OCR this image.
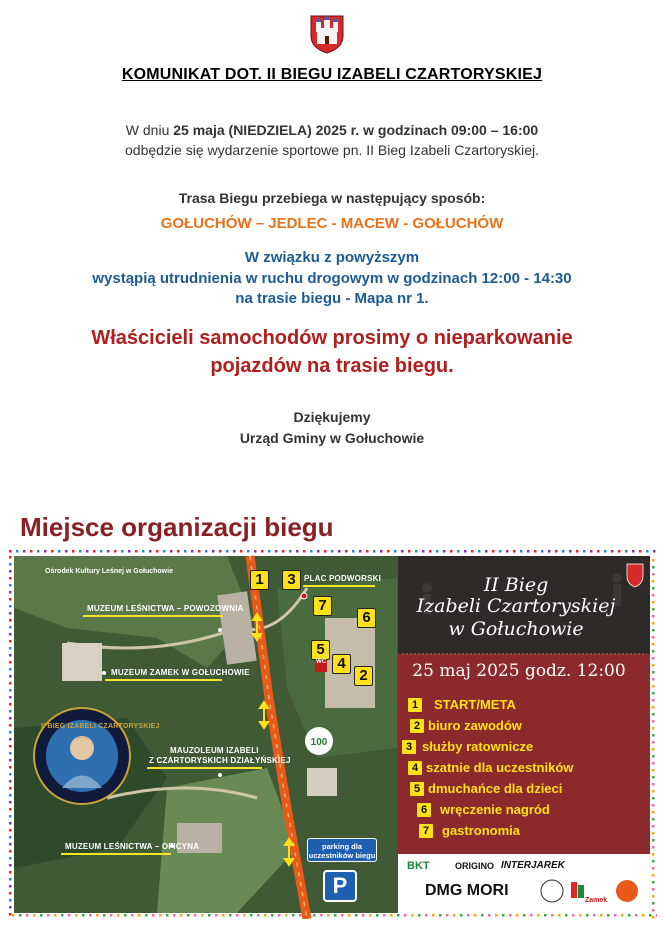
KOMUNIKAT DOT. II BIEGU IZABELI CZARTORYSKIEJ
W dniu 25 maja (NIEDZIELA) 2025 r. w godzinach 09:00 – 16:00
odbędzie się wydarzenie sportowe pn. II Bieg Izabeli Czartoryskiej.
Trasa Biegu przebiega w następujący sposób:
GOŁUCHÓW – JEDLEC - MACEW - GOŁUCHÓW
W związku z powyższym
wystąpią utrudnienia w ruchu drogowym w godzinach 12:00 - 14:30
na trasie biegu - Mapa nr 1.
Właścicieli samochodów prosimy o nieparkowanie
pojazdów na trasie biegu.
Dziękujemy
Urząd Gminy w Gołuchowie
Miejsce organizacji biegu
100
Ośrodek Kultury Leśnej w Gołuchowie
PLAC PODWORSKI
MUZEUM LEŚNICTWA – POWOZOWNIA
MUZEUM ZAMEK W GOŁUCHOWIE
MAUZOLEUM IZABELI
Z CZARTORYSKICH DZIAŁYŃSKIEJ
MUZEUM LEŚNICTWA – OFICYNA
II BIEG IZABELI CZARTORYSKIEJ
1	3
7
6
5
4
2
WC
parking dla
uczestników biegu
P
II Bieg
Izabeli Czartoryskiej
w Gołuchowie
25 maj 2025 godz. 12:00
1	START/META
2 biuro zawodów
3 służby ratownicze
4 szatnie dla uczestników
5 dmuchańce dla dzieci
6 wręczenie nagród
7 gastronomia
BKT	ORIGINO INTERJAREK
DMG MORI
Zamek
